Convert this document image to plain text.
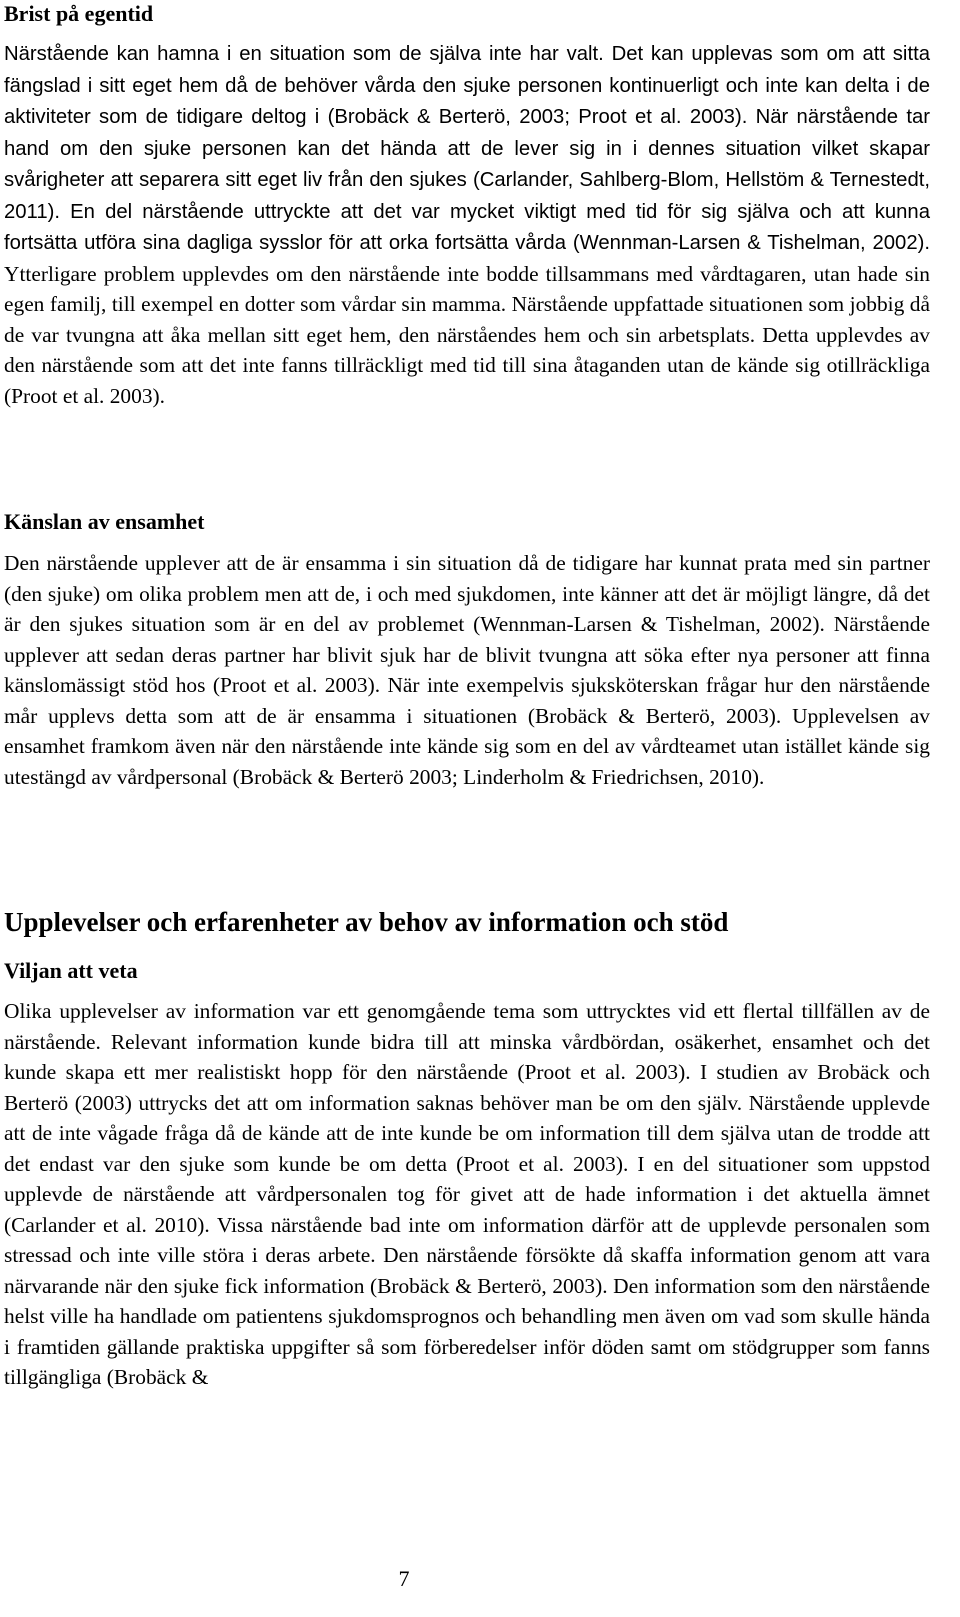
Brist på egentid

Närstående kan hamna i en situation som de själva inte har valt. Det kan upplevas som om att sitta fängslad i sitt eget hem då de behöver vårda den sjuke personen kontinuerligt och inte kan delta i de aktiviteter som de tidigare deltog i (Brobäck & Berterö, 2003; Proot et al. 2003). När närstående tar hand om den sjuke personen kan det hända att de lever sig in i dennes situation vilket skapar svårigheter att separera sitt eget liv från den sjukes (Carlander, Sahlberg-Blom, Hellstöm & Ternestedt, 2011). En del närstående uttryckte att det var mycket viktigt med tid för sig själva och att kunna fortsätta utföra sina dagliga sysslor för att orka fortsätta vårda (Wennman-Larsen & Tishelman, 2002). Ytterligare problem upplevdes om den närstående inte bodde tillsammans med vårdtagaren, utan hade sin egen familj, till exempel en dotter som vårdar sin mamma. Närstående uppfattade situationen som jobbig då de var tvungna att åka mellan sitt eget hem, den närståendes hem och sin arbetsplats. Detta upplevdes av den närstående som att det inte fanns tillräckligt med tid till sina åtaganden utan de kände sig otillräckliga (Proot et al. 2003).

Känslan av ensamhet

Den närstående upplever att de är ensamma i sin situation då de tidigare har kunnat prata med sin partner (den sjuke) om olika problem men att de, i och med sjukdomen, inte känner att det är möjligt längre, då det är den sjukes situation som är en del av problemet (Wennman-Larsen & Tishelman, 2002). Närstående upplever att sedan deras partner har blivit sjuk har de blivit tvungna att söka efter nya personer att finna känslomässigt stöd hos (Proot et al. 2003). När inte exempelvis sjuksköterskan frågar hur den närstående mår upplevs detta som att de är ensamma i situationen (Brobäck & Berterö, 2003). Upplevelsen av ensamhet framkom även när den närstående inte kände sig som en del av vårdteamet utan istället kände sig utestängd av vårdpersonal (Brobäck & Berterö 2003; Linderholm & Friedrichsen, 2010).

Upplevelser och erfarenheter av behov av information och stöd
Viljan att veta

Olika upplevelser av information var ett genomgående tema som uttrycktes vid ett flertal tillfällen av de närstående. Relevant information kunde bidra till att minska vårdbördan, osäkerhet, ensamhet och det kunde skapa ett mer realistiskt hopp för den närstående (Proot et al. 2003). I studien av Brobäck och Berterö (2003) uttrycks det att om information saknas behöver man be om den själv. Närstående upplevde att de inte vågade fråga då de kände att de inte kunde be om information till dem själva utan de trodde att det endast var den sjuke som kunde be om detta (Proot et al. 2003). I en del situationer som uppstod upplevde de närstående att vårdpersonalen tog för givet att de hade information i det aktuella ämnet (Carlander et al. 2010). Vissa närstående bad inte om information därför att de upplevde personalen som stressad och inte ville störa i deras arbete. Den närstående försökte då skaffa information genom att vara närvarande när den sjuke fick information (Brobäck & Berterö, 2003). Den information som den närstående helst ville ha handlade om patientens sjukdomsprognos och behandling men även om vad som skulle hända i framtiden gällande praktiska uppgifter så som förberedelser inför döden samt om stödgrupper som fanns tillgängliga (Brobäck &

7
